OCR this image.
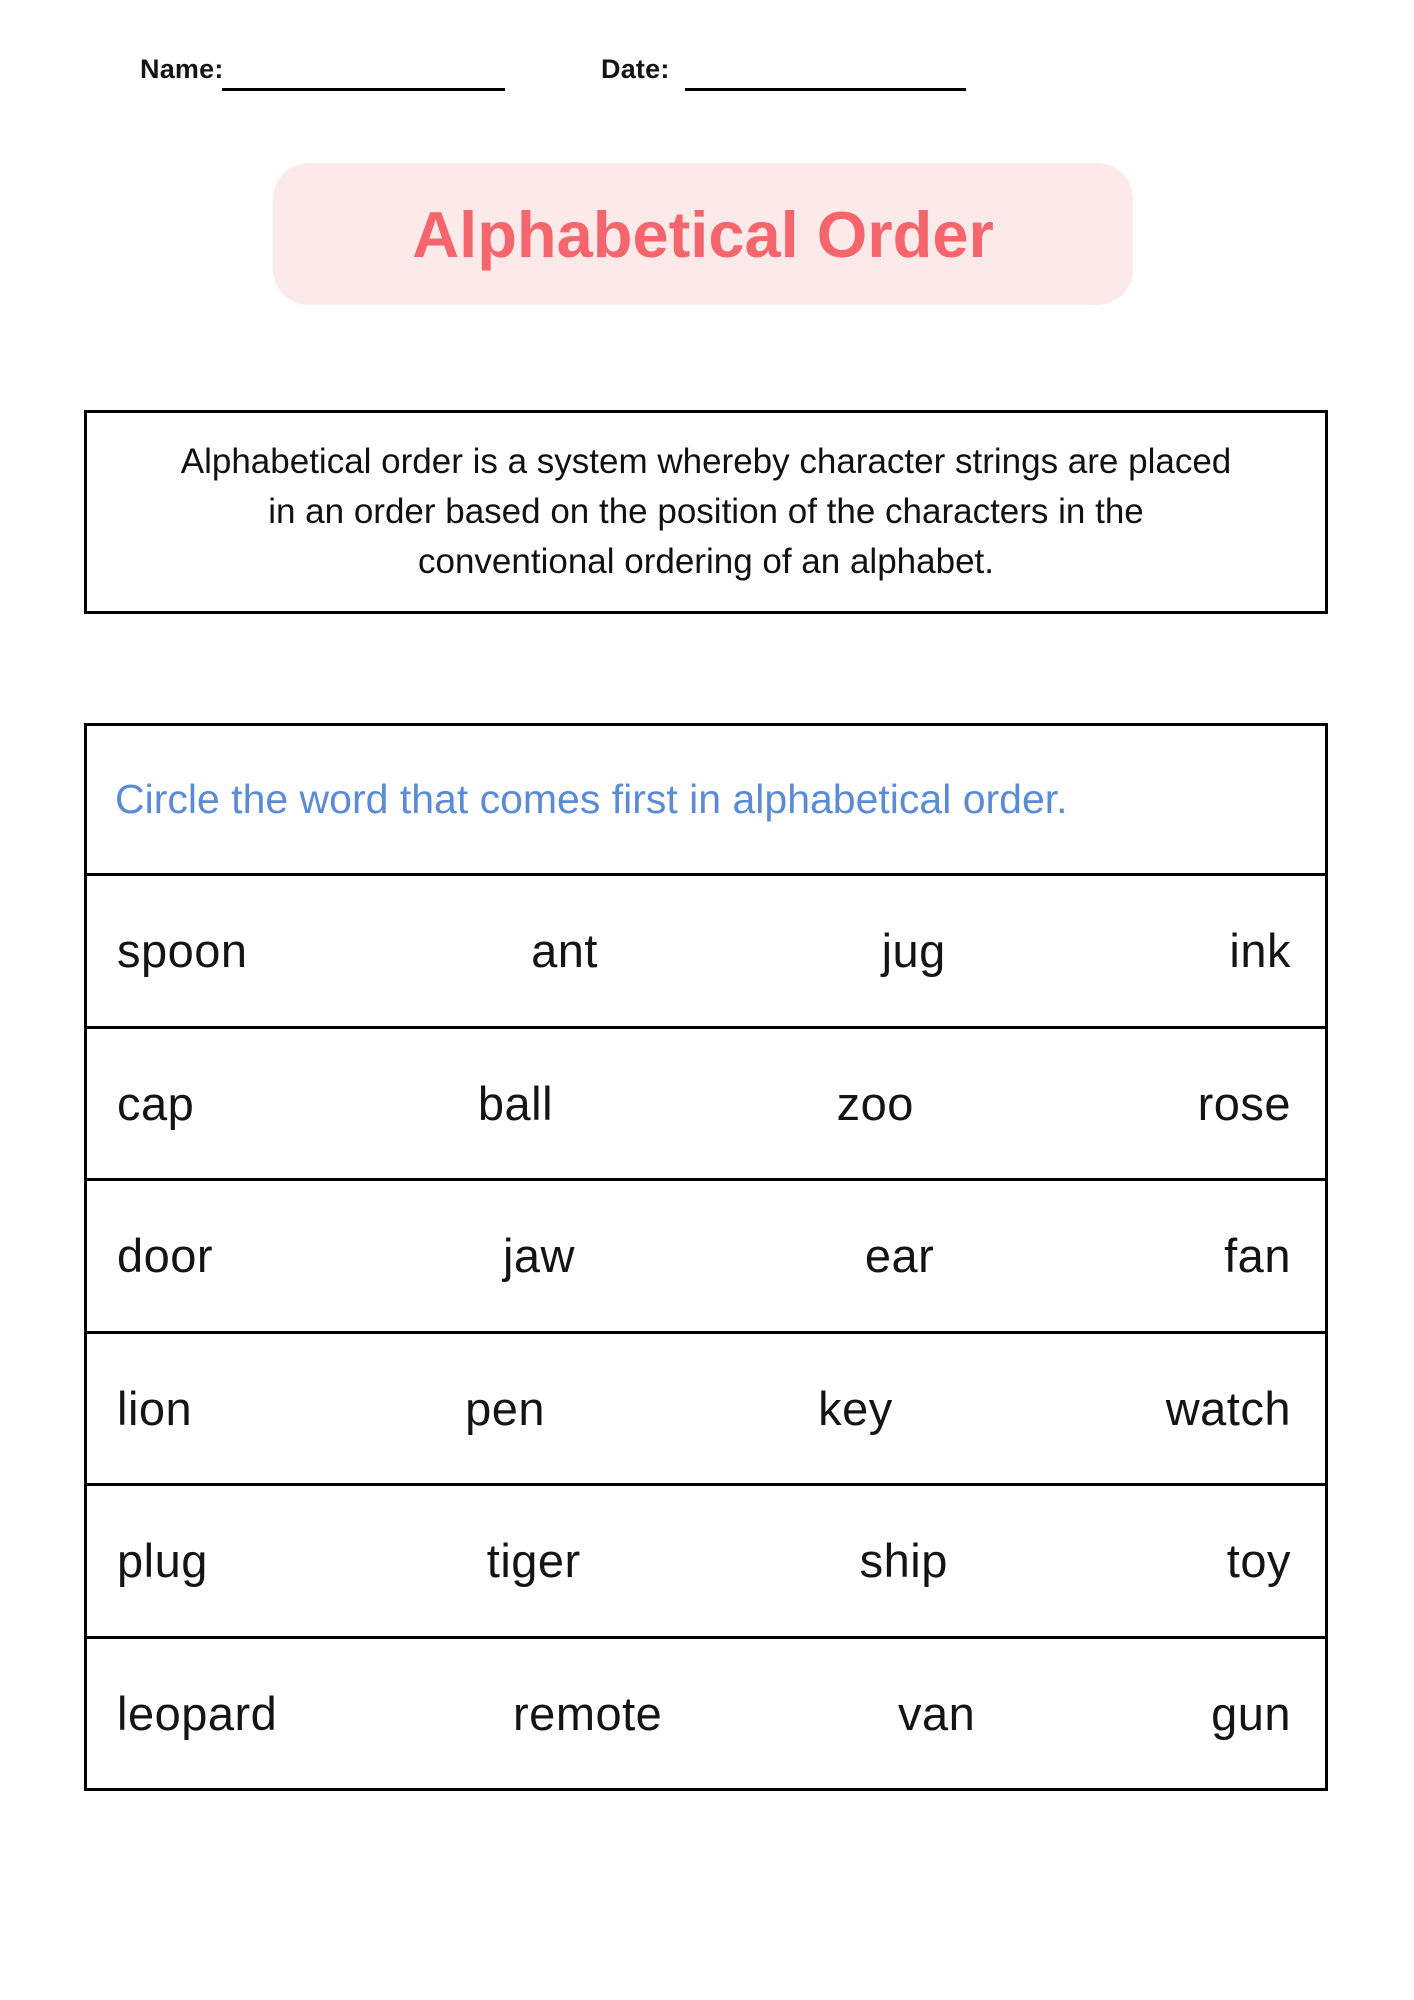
Name:	Date:
Alphabetical Order

Alphabetical order is a system whereby character strings are placed in an order based on the position of the characters in the conventional ordering of an alphabet.

Circle the word that comes first in alphabetical order.
spoon	ant	jug	ink
cap	ball	zoo	rose
door	jaw	ear	fan
lion	pen	key	watch
plug	tiger	ship	toy
leopard	remote	van	gun
